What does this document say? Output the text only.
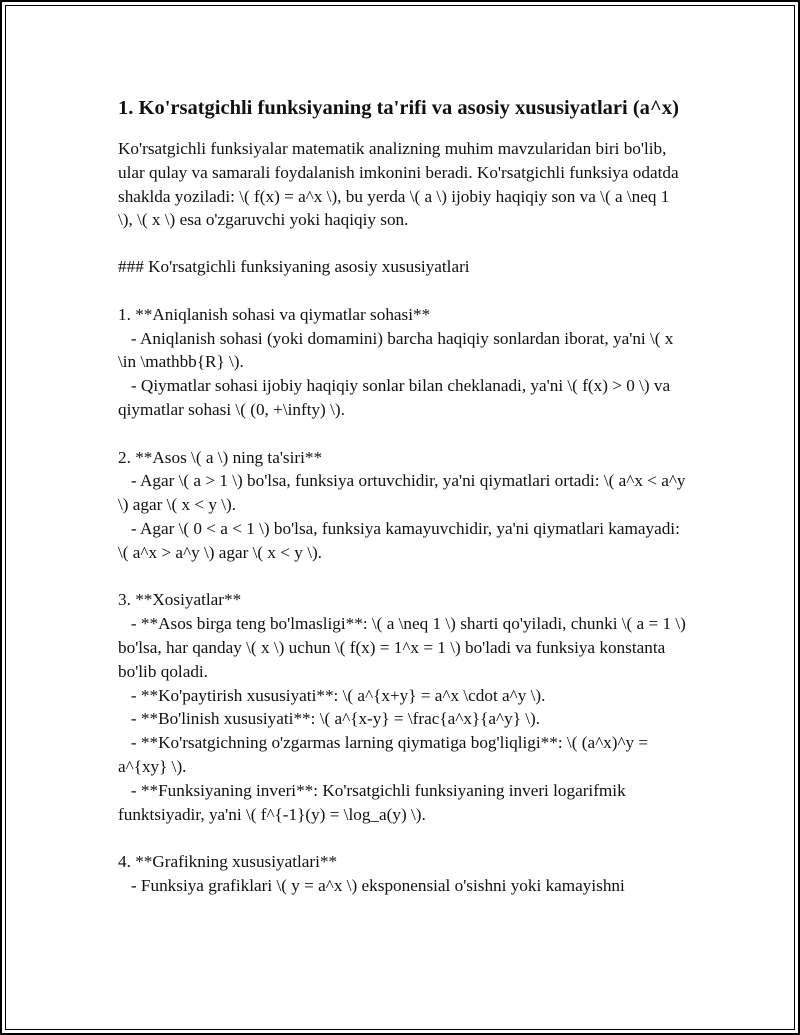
1. Ko'rsatgichli funksiyaning ta'rifi va asosiy xususiyatlari (a^x)

Ko'rsatgichli funksiyalar matematik analizning muhim mavzularidan biri bo'lib, ular qulay va samarali foydalanish imkonini beradi. Ko'rsatgichli funksiya odatda shaklda yoziladi: \( f(x) = a^x \), bu yerda \( a \) ijobiy haqiqiy son va \( a \neq 1 \), \( x \) esa o'zgaruvchi yoki haqiqiy son.

### Ko'rsatgichli funksiyaning asosiy xususiyatlari

1. **Aniqlanish sohasi va qiymatlar sohasi**
- Aniqlanish sohasi (yoki domamini) barcha haqiqiy sonlardan iborat, ya'ni \( x \in \mathbb{R} \).
- Qiymatlar sohasi ijobiy haqiqiy sonlar bilan cheklanadi, ya'ni \( f(x) > 0 \) va qiymatlar sohasi \( (0, +\infty) \).

2. **Asos \( a \) ning ta'siri**
- Agar \( a > 1 \) bo'lsa, funksiya ortuvchidir, ya'ni qiymatlari ortadi: \( a^x < a^y \) agar \( x < y \).
- Agar \( 0 < a < 1 \) bo'lsa, funksiya kamayuvchidir, ya'ni qiymatlari kamayadi: \( a^x > a^y \) agar \( x < y \).

3. **Xosiyatlar**
- **Asos birga teng bo'lmasligi**: \( a \neq 1 \) sharti qo'yiladi, chunki \( a = 1 \) bo'lsa, har qanday \( x \) uchun \( f(x) = 1^x = 1 \) bo'ladi va funksiya konstanta bo'lib qoladi.
- **Ko'paytirish xususiyati**: \( a^{x+y} = a^x \cdot a^y \).
- **Bo'linish xususiyati**: \( a^{x-y} = \frac{a^x}{a^y} \).
- **Ko'rsatgichning o'zgarmas larning qiymatiga bog'liqligi**: \( (a^x)^y = a^{xy} \).
- **Funksiyaning inveri**: Ko'rsatgichli funksiyaning inveri logarifmik funktsiyadir, ya'ni \( f^{-1}(y) = \log_a(y) \).

4. **Grafikning xususiyatlari**
- Funksiya grafiklari \( y = a^x \) eksponensial o'sishni yoki kamayishni
